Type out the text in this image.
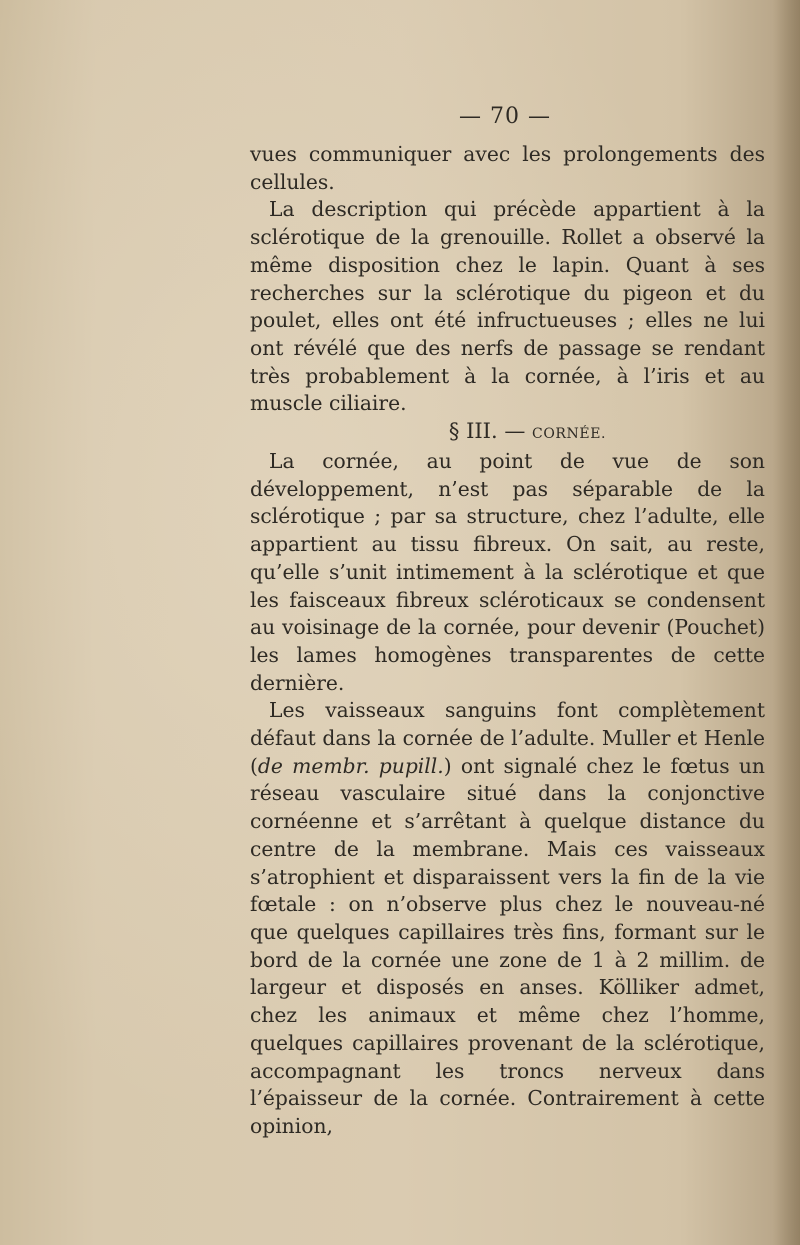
— 70 —

vues communiquer avec les prolongements des cellules.

La description qui précède appartient à la sclérotique de la grenouille. Rollet a observé la même disposition chez le lapin. Quant à ses recherches sur la sclérotique du pigeon et du poulet, elles ont été infructueuses ; elles ne lui ont révélé que des nerfs de passage se rendant très probablement à la cornée, à l’iris et au muscle ciliaire.

§ III. — CORNÉE.

La cornée, au point de vue de son développement, n’est pas séparable de la sclérotique ; par sa structure, chez l’adulte, elle appartient au tissu fibreux. On sait, au reste, qu’elle s’unit intimement à la sclérotique et que les faisceaux fibreux scléroticaux se condensent au voisinage de la cornée, pour devenir (Pouchet) les lames homogènes transparentes de cette dernière.

Les vaisseaux sanguins font complètement défaut dans la cornée de l’adulte. Muller et Henle (de membr. pupill.) ont signalé chez le fœtus un réseau vasculaire situé dans la conjonctive cornéenne et s’arrêtant à quelque distance du centre de la membrane. Mais ces vaisseaux s’atrophient et disparaissent vers la fin de la vie fœtale : on n’observe plus chez le nouveau-né que quelques capillaires très fins, formant sur le bord de la cornée une zone de 1 à 2 millim. de largeur et disposés en anses. Kölliker admet, chez les animaux et même chez l’homme, quelques capillaires provenant de la sclérotique, accompagnant les troncs nerveux dans l’épaisseur de la cornée. Contrairement à cette opinion,
